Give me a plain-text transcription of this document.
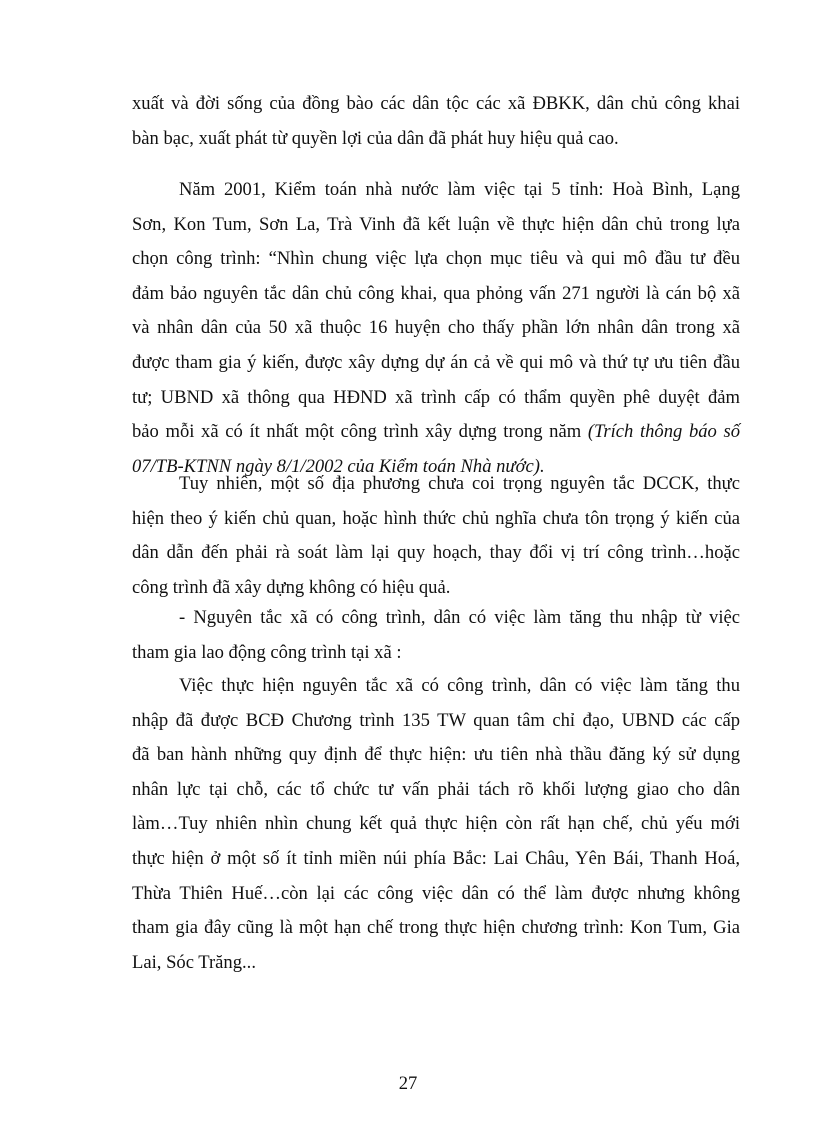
xuất và đời sống của đồng bào các dân tộc các xã ĐBKK, dân chủ công khai
bàn bạc, xuất phát từ quyền lợi của dân đã phát huy hiệu quả cao.
Năm 2001, Kiểm toán nhà nước làm việc tại 5 tỉnh: Hoà Bình, Lạng
Sơn, Kon Tum, Sơn La, Trà Vinh đã kết luận về thực hiện dân chủ trong lựa
chọn công trình: “Nhìn chung việc lựa chọn mục tiêu và qui mô đầu tư đều
đảm bảo nguyên tắc dân chủ công khai, qua phỏng vấn 271 người là cán bộ xã
và nhân dân của 50 xã thuộc 16 huyện cho thấy phần lớn nhân dân trong xã
được tham gia ý kiến, được xây dựng dự án cả về qui mô và thứ tự ưu tiên đầu
tư; UBND xã thông qua HĐND xã trình cấp có thẩm quyền phê duyệt đảm
bảo mỗi xã có ít nhất một công trình xây dựng trong năm (Trích thông báo số
07/TB-KTNN ngày 8/1/2002 của Kiểm toán Nhà nước).
Tuy nhiên, một số địa phương chưa coi trọng nguyên tắc DCCK, thực
hiện theo ý kiến chủ quan, hoặc hình thức chủ nghĩa chưa tôn trọng ý kiến của
dân dẫn đến phải rà soát làm lại quy hoạch, thay đổi vị trí công trình…hoặc
công trình đã xây dựng không có hiệu quả.
- Nguyên tắc xã có công trình, dân có việc làm tăng thu nhập từ việc
tham gia lao động công trình tại xã :
Việc thực hiện nguyên tắc xã có công trình, dân có việc làm tăng thu
nhập đã được BCĐ Chương trình 135 TW quan tâm chỉ đạo, UBND các cấp
đã ban hành những quy định để thực hiện: ưu tiên nhà thầu đăng ký sử dụng
nhân lực tại chỗ, các tổ chức tư vấn phải tách rõ khối lượng giao cho dân
làm…Tuy nhiên nhìn chung kết quả thực hiện còn rất hạn chế, chủ yếu mới
thực hiện ở một số ít tỉnh miền núi phía Bắc: Lai Châu, Yên Bái, Thanh Hoá,
Thừa Thiên Huế…còn lại các công việc dân có thể làm được nhưng không
tham gia đây cũng là một hạn chế trong thực hiện chương trình: Kon Tum, Gia
Lai, Sóc Trăng...
27
